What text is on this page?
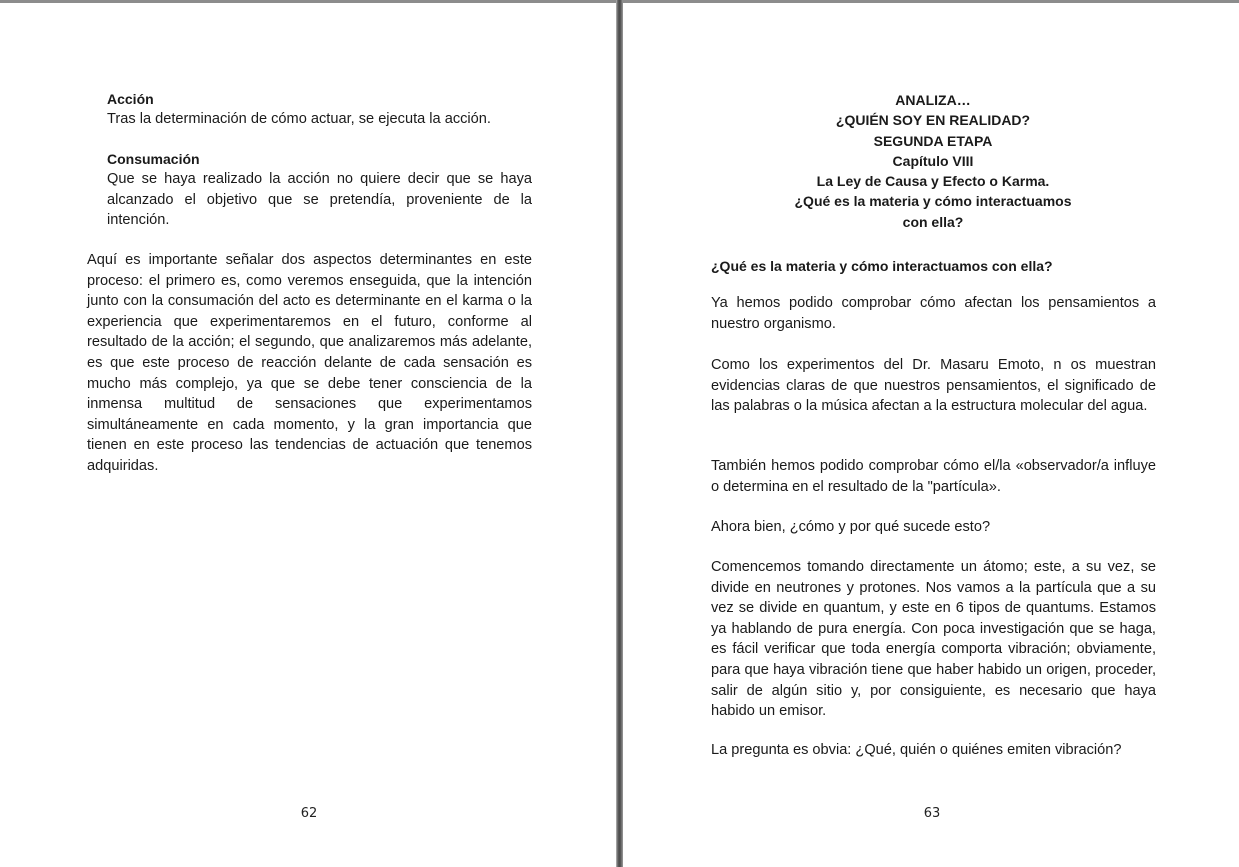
Acción

Tras la determinación de cómo actuar, se ejecuta la acción.

Consumación

Que se haya realizado la acción no quiere decir que se haya alcanzado el objetivo que se pretendía, proveniente de la intención.

Aquí es importante señalar dos aspectos determinantes en este proceso: el primero es, como veremos enseguida, que la intención junto con la consumación del acto es determinante en el karma o la experiencia que experimentaremos en el futuro, conforme al resultado de la acción; el segundo, que analizaremos más adelante, es que este proceso de reacción delante de cada sensación es mucho más complejo, ya que se debe tener consciencia de la inmensa multitud de sensaciones que experimentamos simultáneamente en cada momento, y la gran importancia que tienen en este proceso las tendencias de actuación que tenemos adquiridas.

62
ANALIZA…
¿QUIÉN SOY EN REALIDAD?
SEGUNDA ETAPA
Capítulo VIII
La Ley de Causa y Efecto o Karma.
¿Qué es la materia y cómo interactuamos
con ella?

¿Qué es la materia y cómo interactuamos con ella?

Ya hemos podido comprobar cómo afectan los pensamientos a nuestro organismo.

Como los experimentos del Dr. Masaru Emoto, n os muestran evidencias claras de que nuestros pensamientos, el significado de las palabras o la música afectan a la estructura molecular del agua.

También hemos podido comprobar cómo el/la «observador/a influye o determina en el resultado de la "partícula».

Ahora bien, ¿cómo y por qué sucede esto?

Comencemos tomando directamente un átomo; este, a su vez, se divide en neutrones y protones. Nos vamos a la partícula que a su vez se divide en quantum, y este en 6 tipos de quantums. Estamos ya hablando de pura energía. Con poca investigación que se haga, es fácil verificar que toda energía comporta vibración; obviamente, para que haya vibración tiene que haber habido un origen, proceder, salir de algún sitio y, por consiguiente, es necesario que haya habido un emisor.

La pregunta es obvia: ¿Qué, quién o quiénes emiten vibración?

63
